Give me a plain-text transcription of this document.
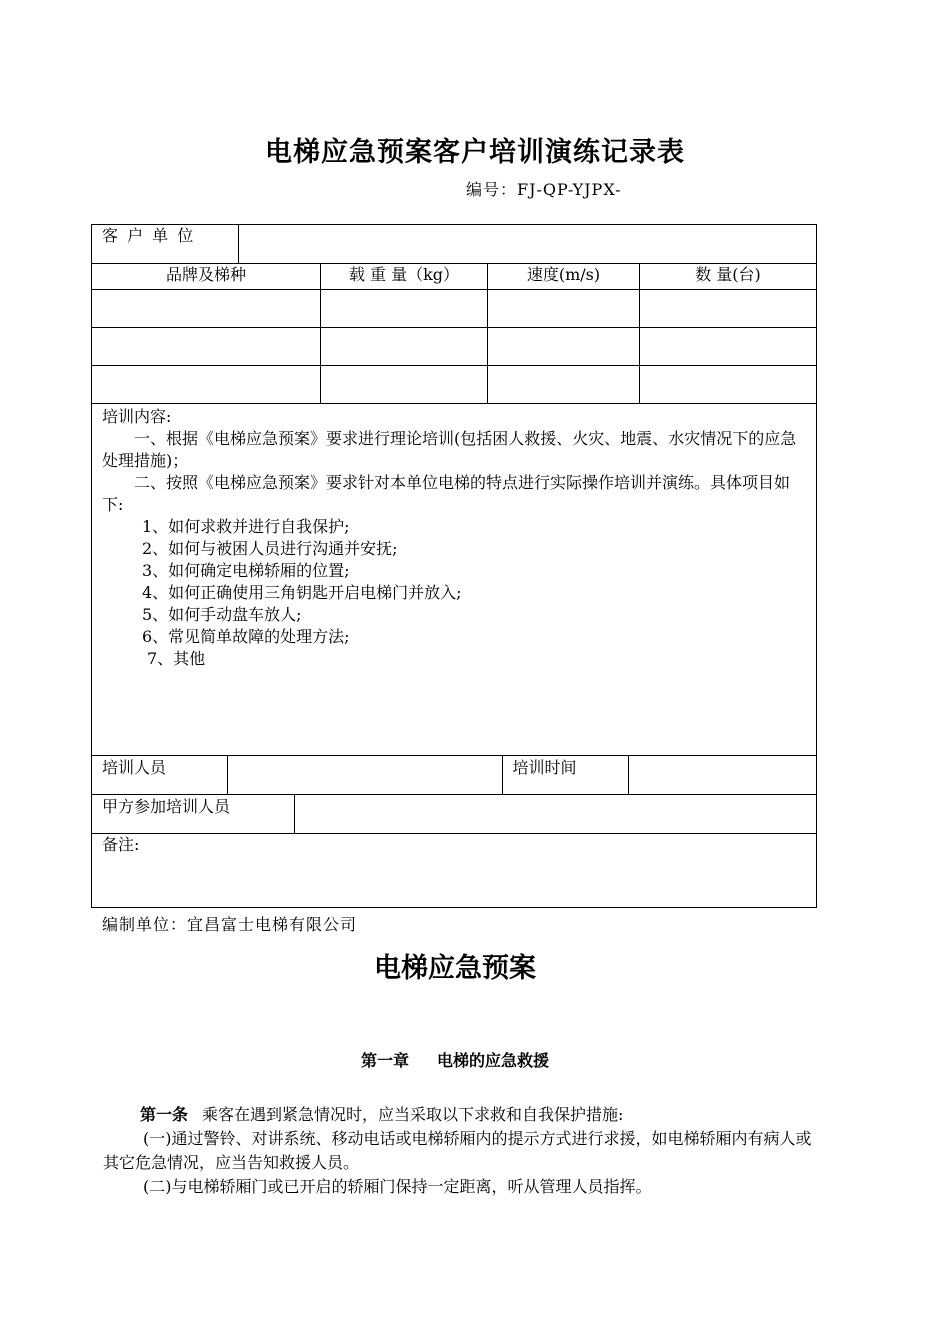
电梯应急预案客户培训演练记录表
编号：FJ-QP-YJPX-
客 户 单 位	
品牌及梯种	载 重 量（kg）	速度(m/s)	数 量(台)

培训内容:

一、根据《电梯应急预案》要求进行理论培训(包括困人救援、火灾、地震、水灾情况下的应急处理措施)；

二、按照《电梯应急预案》要求针对本单位电梯的特点进行实际操作培训并演练。具体项目如下:

1、如何求救并进行自我保护;

2、如何与被困人员进行沟通并安抚;

3、如何确定电梯轿厢的位置;

4、如何正确使用三角钥匙开启电梯门并放入;

5、如何手动盘车放人;

6、常见简单故障的处理方法;

7、其他

培训人员		培训时间	

甲方参加培训人员	

备注:
编制单位：宜昌富士电梯有限公司
电梯应急预案
第一章 电梯的应急救援

第一条 乘客在遇到紧急情况时，应当采取以下求救和自我保护措施:

(一)通过警铃、对讲系统、移动电话或电梯轿厢内的提示方式进行求援，如电梯轿厢内有病人或其它危急情况，应当告知救援人员。

(二)与电梯轿厢门或已开启的轿厢门保持一定距离，听从管理人员指挥。
